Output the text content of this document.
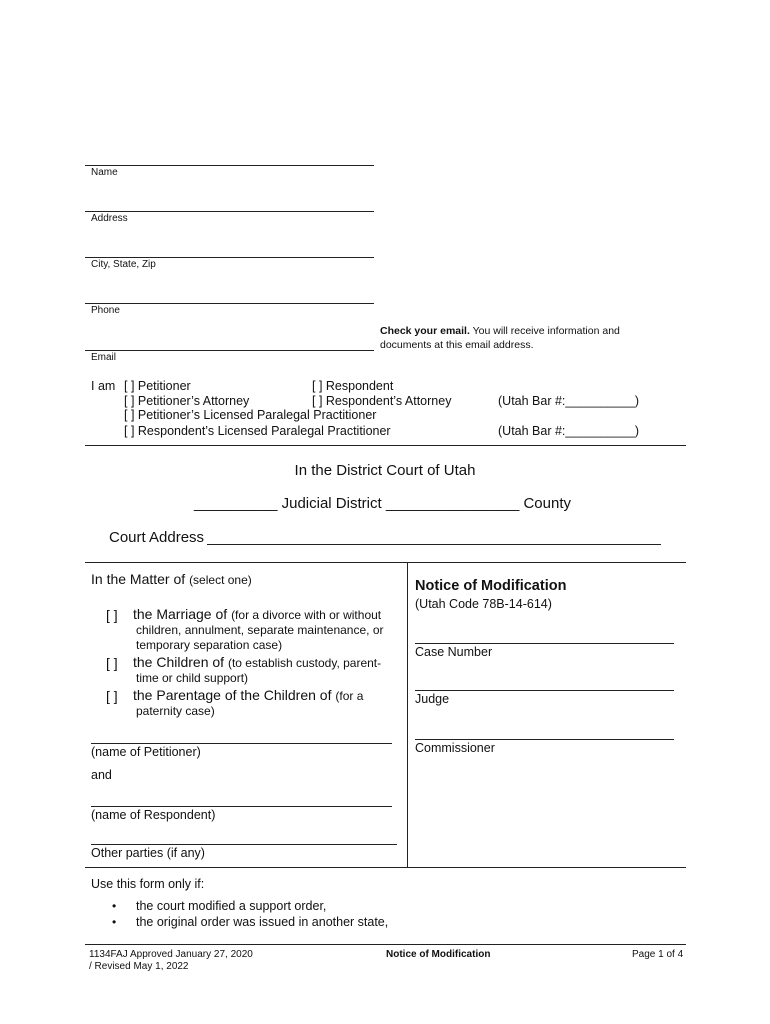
Name
Address
City, State, Zip
Phone
Email
Check your email. You will receive information and
documents at this email address.
I am [ ] Petitioner	[ ] Respondent
[ ] Petitioner’s Attorney	[ ] Respondent’s Attorney	(Utah Bar #:__________)
[ ] Petitioner’s Licensed Paralegal Practitioner
[ ] Respondent’s Licensed Paralegal Practitioner	(Utah Bar #:__________)
In the District Court of Utah
__________ Judicial District ________________ County
Court Address
In the Matter of (select one)
[ ] the Marriage of (for a divorce with or without
children, annulment, separate maintenance, or
temporary separation case)
[ ] the Children of (to establish custody, parent-
time or child support)
[ ] the Parentage of the Children of (for a
paternity case)
(name of Petitioner)
and
(name of Respondent)
Other parties (if any)
Notice of Modification
(Utah Code 78B-14-614)
Case Number
Judge
Commissioner
Use this form only if:
• the court modified a support order,
• the original order was issued in another state,
1134FAJ Approved January 27, 2020
/ Revised May 1, 2022
Notice of Modification	Page 1 of 4
